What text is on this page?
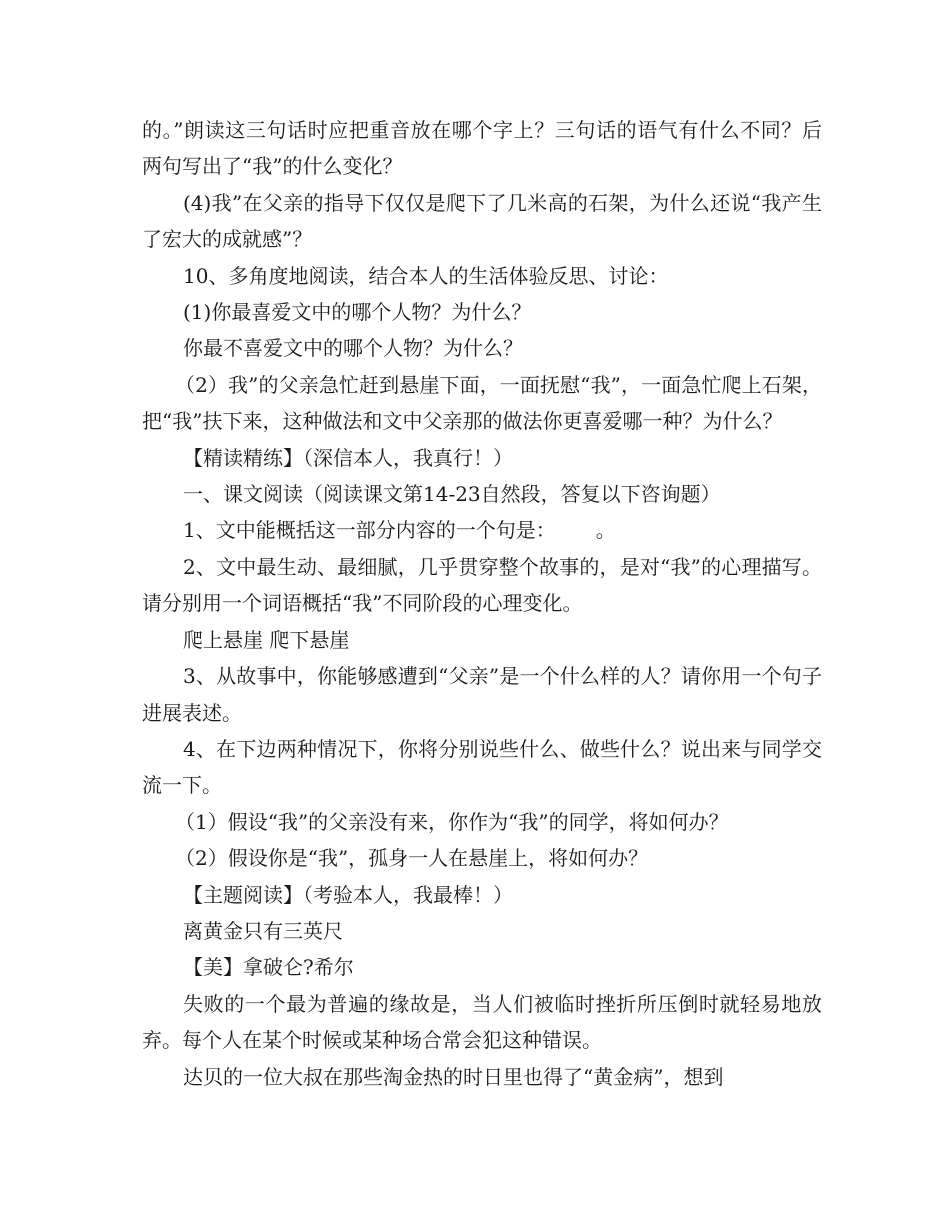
的。”朗读这三句话时应把重音放在哪个字上？三句话的语气有什么不同？后两句写出了“我”的什么变化？

(4)我”在父亲的指导下仅仅是爬下了几米高的石架，为什么还说“我产生了宏大的成就感”？

10、多角度地阅读，结合本人的生活体验反思、讨论：

(1)你最喜爱文中的哪个人物？为什么？

你最不喜爱文中的哪个人物？为什么？

（2）我”的父亲急忙赶到悬崖下面，一面抚慰“我”，一面急忙爬上石架，把“我”扶下来，这种做法和文中父亲那的做法你更喜爱哪一种？为什么？

【精读精练】（深信本人，我真行！）

一、课文阅读（阅读课文第14-23自然段，答复以下咨询题）

1、文中能概括这一部分内容的一个句是： 。

2、文中最生动、最细腻，几乎贯穿整个故事的，是对“我”的心理描写。请分别用一个词语概括“我”不同阶段的心理变化。

爬上悬崖 爬下悬崖

3、从故事中，你能够感遭到“父亲”是一个什么样的人？请你用一个句子进展表述。

4、在下边两种情况下，你将分别说些什么、做些什么？说出来与同学交流一下。

（1）假设“我”的父亲没有来，你作为“我”的同学，将如何办？

（2）假设你是“我”，孤身一人在悬崖上，将如何办？

【主题阅读】（考验本人，我最棒！）

离黄金只有三英尺

【美】拿破仑?希尔

失败的一个最为普遍的缘故是，当人们被临时挫折所压倒时就轻易地放弃。每个人在某个时候或某种场合常会犯这种错误。

达贝的一位大叔在那些淘金热的时日里也得了“黄金病”，想到
